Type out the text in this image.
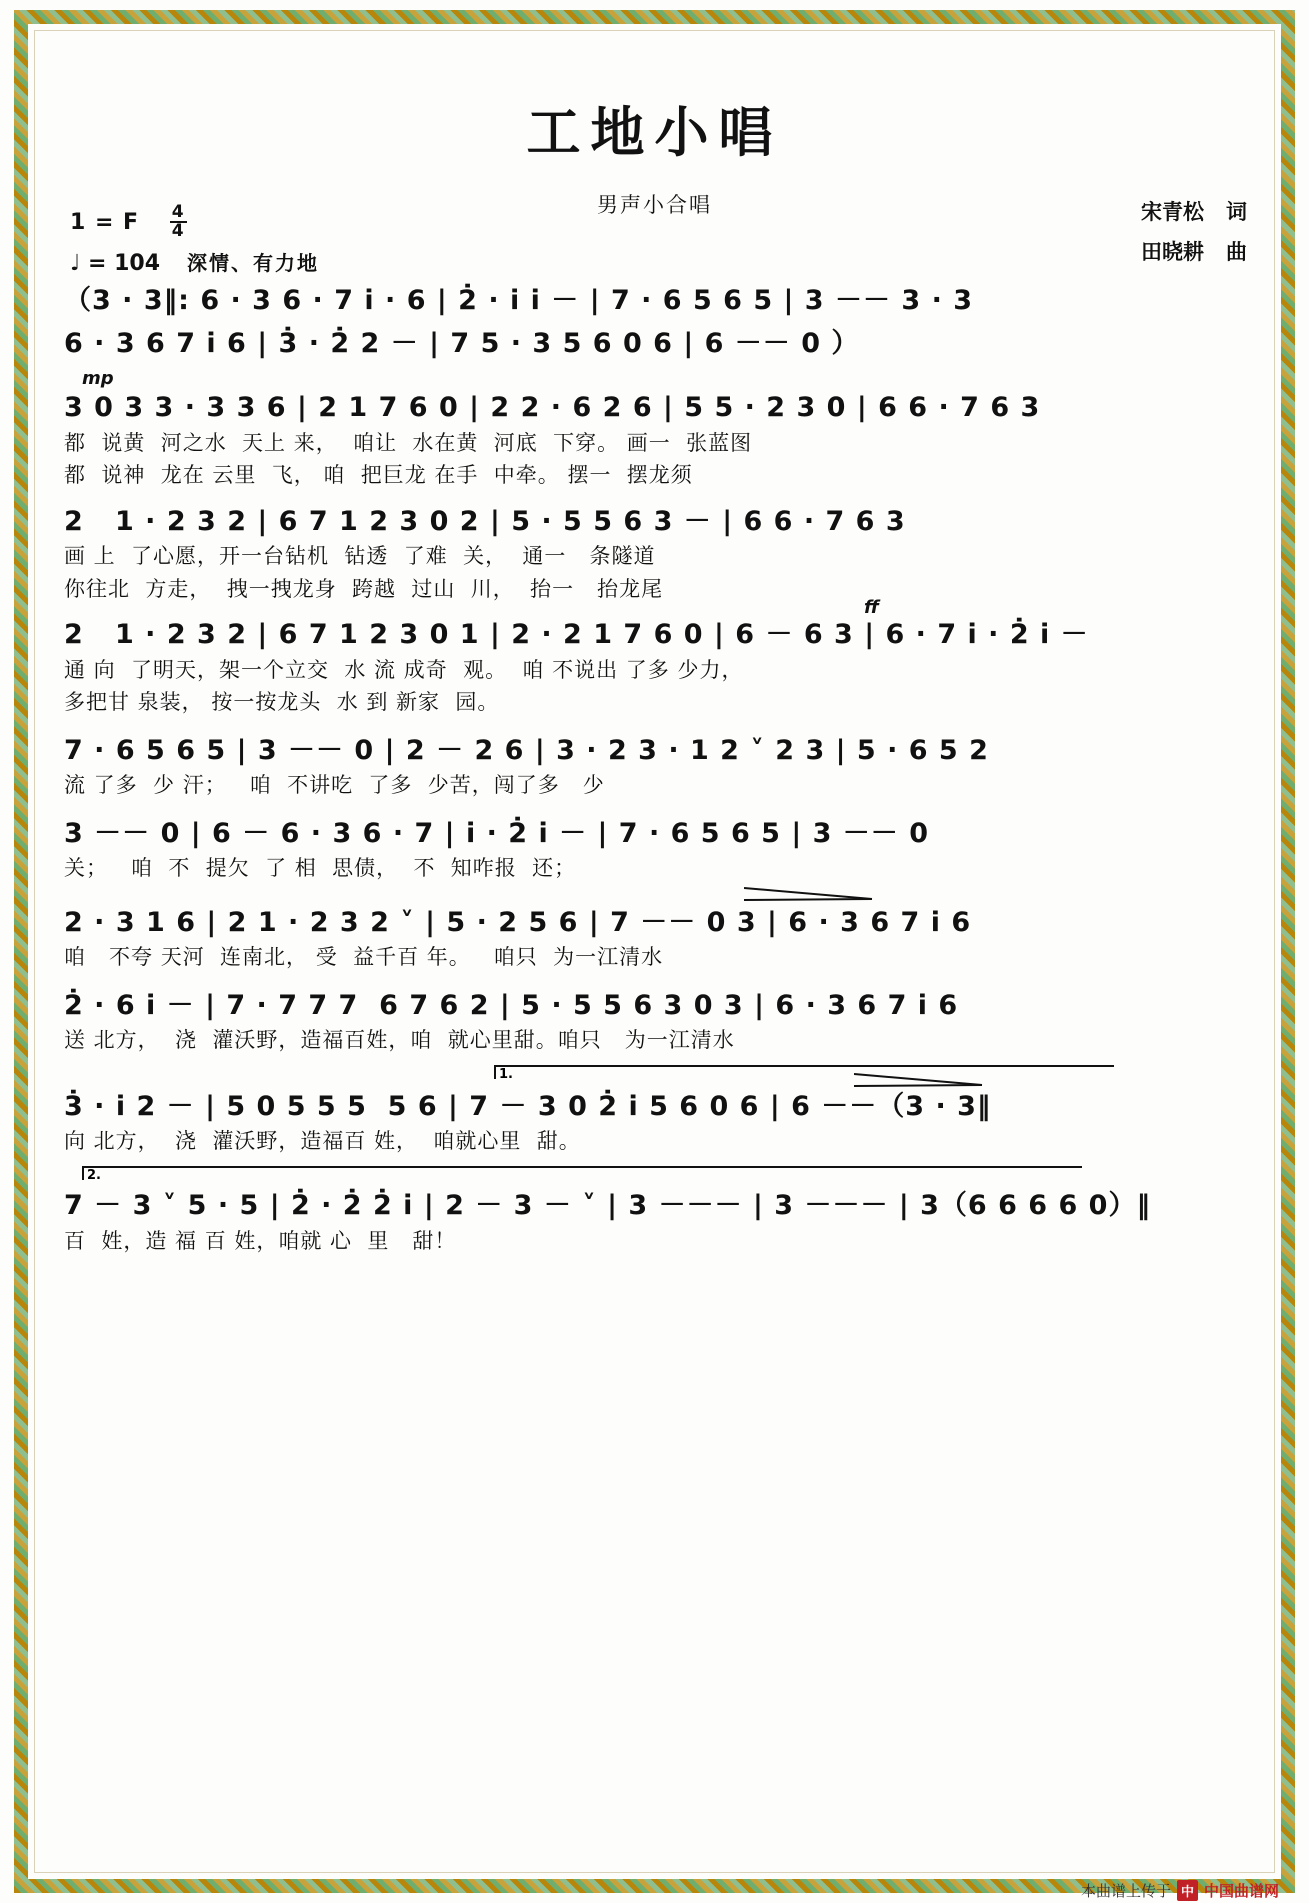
工地小唱
男声小合唱
1 = F $\frac{4}{4}$
♩ = 104 深情、有力地
宋青松 词
田晓耕 曲
（3 · 3‖: 6 · 3 6 · 7 i · 6 | 2̇ · i i － | 7 · 6 5 6 5 | 3 －－ 3 · 3
6 · 3 6 7 i 6 | 3̇ · 2̇ 2 － | 7 5 · 3 5 6 0 6 | 6 －－ 0 ）
mp
3 0 3 3 · 3 3 6 | 2 1 7 6 0 | 2 2 · 6 2 6 | 5 5 · 2 3 0 | 6 6 · 7 6 3
都  说黄  河之水  天上 来，  咱让  水在黄  河底  下穿。 画一  张蓝图
都  说神  龙在 云里  飞， 咱  把巨龙 在手  中牵。 摆一  摆龙须
2   1 · 2 3 2 | 6 7 1 2 3 0 2 | 5 · 5 5 6 3 － | 6 6 · 7 6 3
画 上  了心愿，开一台钻机  钻透  了难  关，  通一   条隧道
你往北  方走，  拽一拽龙身  跨越  过山  川，  抬一   抬龙尾
ff
2   1 · 2 3 2 | 6 7 1 2 3 0 1 | 2 · 2 1 7 6 0 | 6 － 6 3 | 6 · 7 i · 2̇ i －
通 向  了明天，架一个立交  水 流 成奇  观。  咱 不说出 了多 少力，
多把甘 泉装， 按一按龙头  水 到 新家  园。
7 · 6 5 6 5 | 3 －－ 0 | 2 － 2 6 | 3 · 2 3 · 1 2 ˅ 2 3 | 5 · 6 5 2
流 了多  少 汗；   咱  不讲吃  了多  少苦，闯了多   少
3 －－ 0 | 6 － 6 · 3 6 · 7 | i · 2̇ i － | 7 · 6 5 6 5 | 3 －－ 0
关；   咱  不  提欠  了 相  思债，  不  知咋报  还；
2 · 3 1 6 | 2 1 · 2 3 2 ˅ | 5 · 2 5 6 | 7 －－ 0 3 | 6 · 3 6 7 i 6
咱   不夸 天河  连南北， 受  益千百 年。   咱只  为一江清水
2̇ · 6 i － | 7 · 7 7 7  6 7 6 2 | 5 · 5 5 6 3 0 3 | 6 · 3 6 7 i 6
送 北方，  浇  灌沃野，造福百姓，咱  就心里甜。咱只   为一江清水
1.
3̇ · i 2 － | 5 0 5 5 5  5 6 | 7 － 3 0 2̇ i 5 6 0 6 | 6 －－（3 · 3‖
向 北方，  浇  灌沃野，造福百 姓，  咱就心里  甜。
2.
7 － 3 ˅ 5 · 5 | 2̇ · 2̇ 2̇ i | 2 － 3 － ˅ | 3 －－－ | 3 －－－ | 3（6 6 6 6 0）‖
百  姓，造 福 百 姓，咱就 心  里   甜！
本曲谱上传于 中 中国曲谱网
